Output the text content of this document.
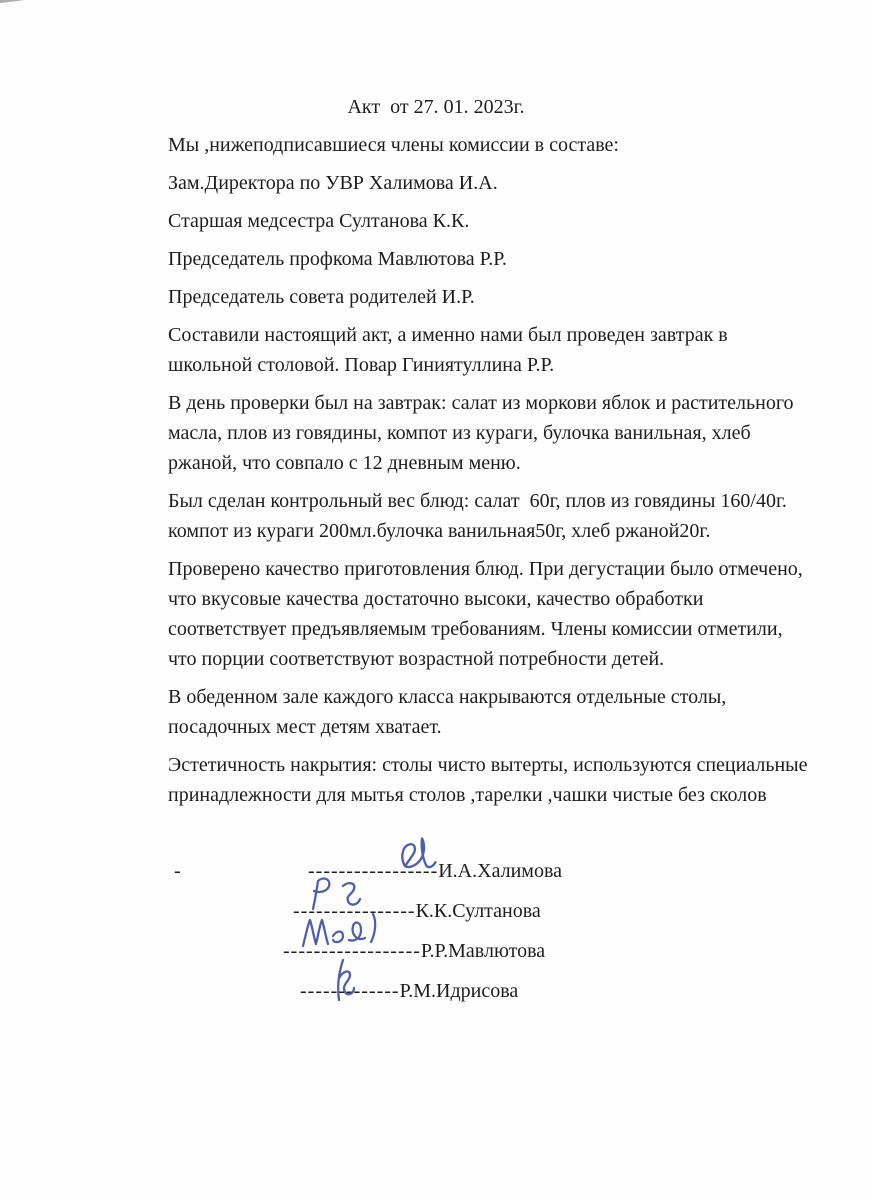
Акт  от 27. 01. 2023г.

Мы ,нижеподписавшиеся члены комиссии в составе:

Зам.Директора по УВР Халимова И.А.

Старшая медсестра Султанова К.К.

Председатель профкома Мавлютова Р.Р.

Председатель совета родителей И.Р.

Составили настоящий акт, а именно нами был проведен завтрак в школьной столовой. Повар Гиниятуллина Р.Р.

В день проверки был на завтрак: салат из моркови яблок и растительного масла, плов из говядины, компот из кураги, булочка ванильная, хлеб ржаной, что совпало с 12 дневным меню.

Был сделан контрольный вес блюд: салат  60г, плов из говядины 160/40г. компот из кураги 200мл.булочка ванильная50г, хлеб ржаной20г.

Проверено качество приготовления блюд. При дегустации было отмечено, что вкусовые качества достаточно высоки, качество обработки соответствует предъявляемым требованиям. Члены комиссии отметили, что порции соответствуют возрастной потребности детей.

В обеденном зале каждого класса накрываются отдельные столы, посадочных мест детям хватает.

Эстетичность накрытия: столы чисто вытерты, используются специальные принадлежности для мытья столов ,тарелки ,чашки чистые без сколов

-	-----------------И.А.Халимова
----------------К.К.Султанова
------------------Р.Р.Мавлютова
-------------Р.М.Идрисова
